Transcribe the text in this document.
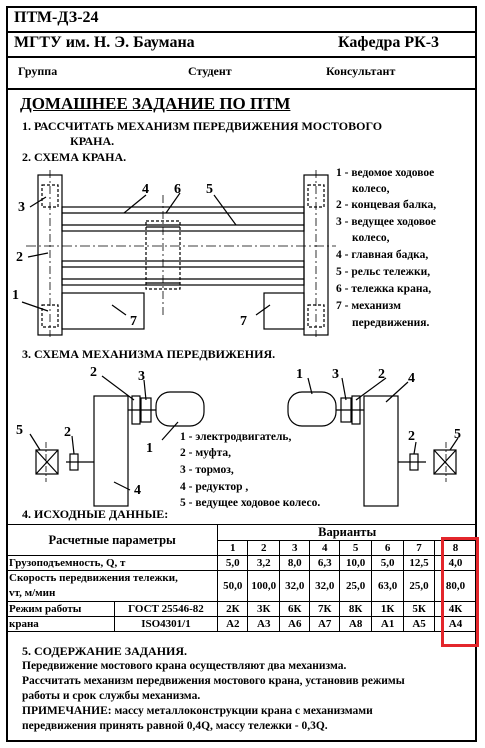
ПТМ-ДЗ-24
МГТУ им. Н. Э. Баумана	Кафедра РК-3
Группа	Студент	Консультант
ДОМАШНЕЕ ЗАДАНИЕ ПО ПТМ
1. РАССЧИТАТЬ МЕХАНИЗМ ПЕРЕДВИЖЕНИЯ МОСТОВОГО
КРАНА.
2. СХЕМА КРАНА.
3
2
1
4 6 5
7	7
1 - ведомое ходовое
колесо,
2 - концевая балка,
3 - ведущее ходовое
колесо,
4 - главная бадка,
5 - рельс тележки,
6 - тележка крана,
7 - механизм
передвижения.
3. СХЕМА МЕХАНИЗМА ПЕРЕДВИЖЕНИЯ.
2	3
1
5	2
4
1 3	2 4
2	5
1 - электродвигатель,
2 - муфта,
3 - тормоз,
4 - редуктор ,
5 - ведущее ходовое колесо.
4. ИСХОДНЫЕ ДАННЫЕ:
Расчетные параметры		Варианты							
		1	2	3	4	5	6	7	8
Грузоподъемность, Q, т		5,0	3,2	8,0	6,3	10,0	5,0	12,5	4,0
Скорость передвижения тележки,
vт, м/мин		50,0	100,0	32,0	32,0	25,0	63,0	25,0	80,0
Режим работы	ГОСТ 25546-82	2К	3К	6К	7К	8К	1К	5К	4К
крана	ISO4301/1	А2	А3	А6	А7	А8	А1	А5	А4
5. СОДЕРЖАНИЕ ЗАДАНИЯ.
Передвижение мостового крана осуществляют два механизма.
Рассчитать механизм передвижения мостового крана, установив режимы
работы и срок службы механизма.
ПРИМЕЧАНИЕ: массу металлоконструкции крана с механизмами
передвижения принять равной 0,4Q, массу тележки - 0,3Q.
